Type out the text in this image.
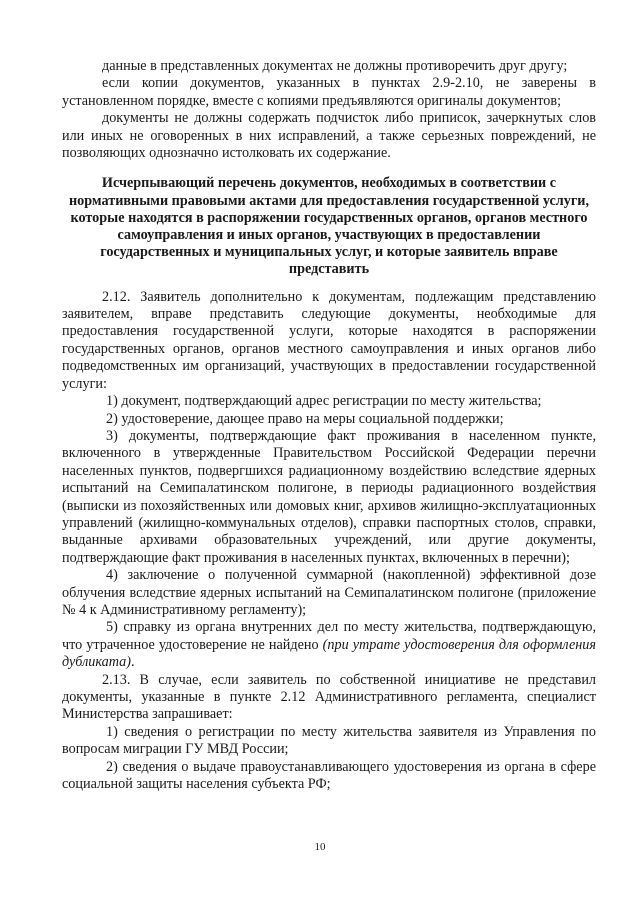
данные в представленных документах не должны противоречить друг другу;

если копии документов, указанных в пунктах 2.9-2.10, не заверены в установленном порядке, вместе с копиями предъявляются оригиналы документов;

документы не должны содержать подчисток либо приписок, зачеркнутых слов или иных не оговоренных в них исправлений, а также серьезных повреждений, не позволяющих однозначно истолковать их содержание.

Исчерпывающий перечень документов, необходимых в соответствии с нормативными правовыми актами для предоставления государственной услуги, которые находятся в распоряжении государственных органов, органов местного самоуправления и иных органов, участвующих в предоставлении государственных и муниципальных услуг, и которые заявитель вправе представить

2.12. Заявитель дополнительно к документам, подлежащим представлению заявителем, вправе представить следующие документы, необходимые для предоставления государственной услуги, которые находятся в распоряжении государственных органов, органов местного самоуправления и иных органов либо подведомственных им организаций, участвующих в предоставлении государственной услуги:

1) документ, подтверждающий адрес регистрации по месту жительства;

2) удостоверение, дающее право на меры социальной поддержки;

3) документы, подтверждающие факт проживания в населенном пункте, включенного в утвержденные Правительством Российской Федерации перечни населенных пунктов, подвергшихся радиационному воздействию вследствие ядерных испытаний на Семипалатинском полигоне, в периоды радиационного воздействия (выписки из похозяйственных или домовых книг, архивов жилищно-эксплуатационных управлений (жилищно-коммунальных отделов), справки паспортных столов, справки, выданные архивами образовательных учреждений, или другие документы, подтверждающие факт проживания в населенных пунктах, включенных в перечни);

4) заключение о полученной суммарной (накопленной) эффективной дозе облучения вследствие ядерных испытаний на Семипалатинском полигоне (приложение № 4 к Административному регламенту);

5) справку из органа внутренних дел по месту жительства, подтверждающую, что утраченное удостоверение не найдено (при утрате удостоверения для оформления дубликата).

2.13. В случае, если заявитель по собственной инициативе не представил документы, указанные в пункте 2.12 Административного регламента, специалист Министерства запрашивает:

1) сведения о регистрации по месту жительства заявителя из Управления по вопросам миграции ГУ МВД России;

2) сведения о выдаче правоустанавливающего удостоверения из органа в сфере социальной защиты населения субъекта РФ;

10
